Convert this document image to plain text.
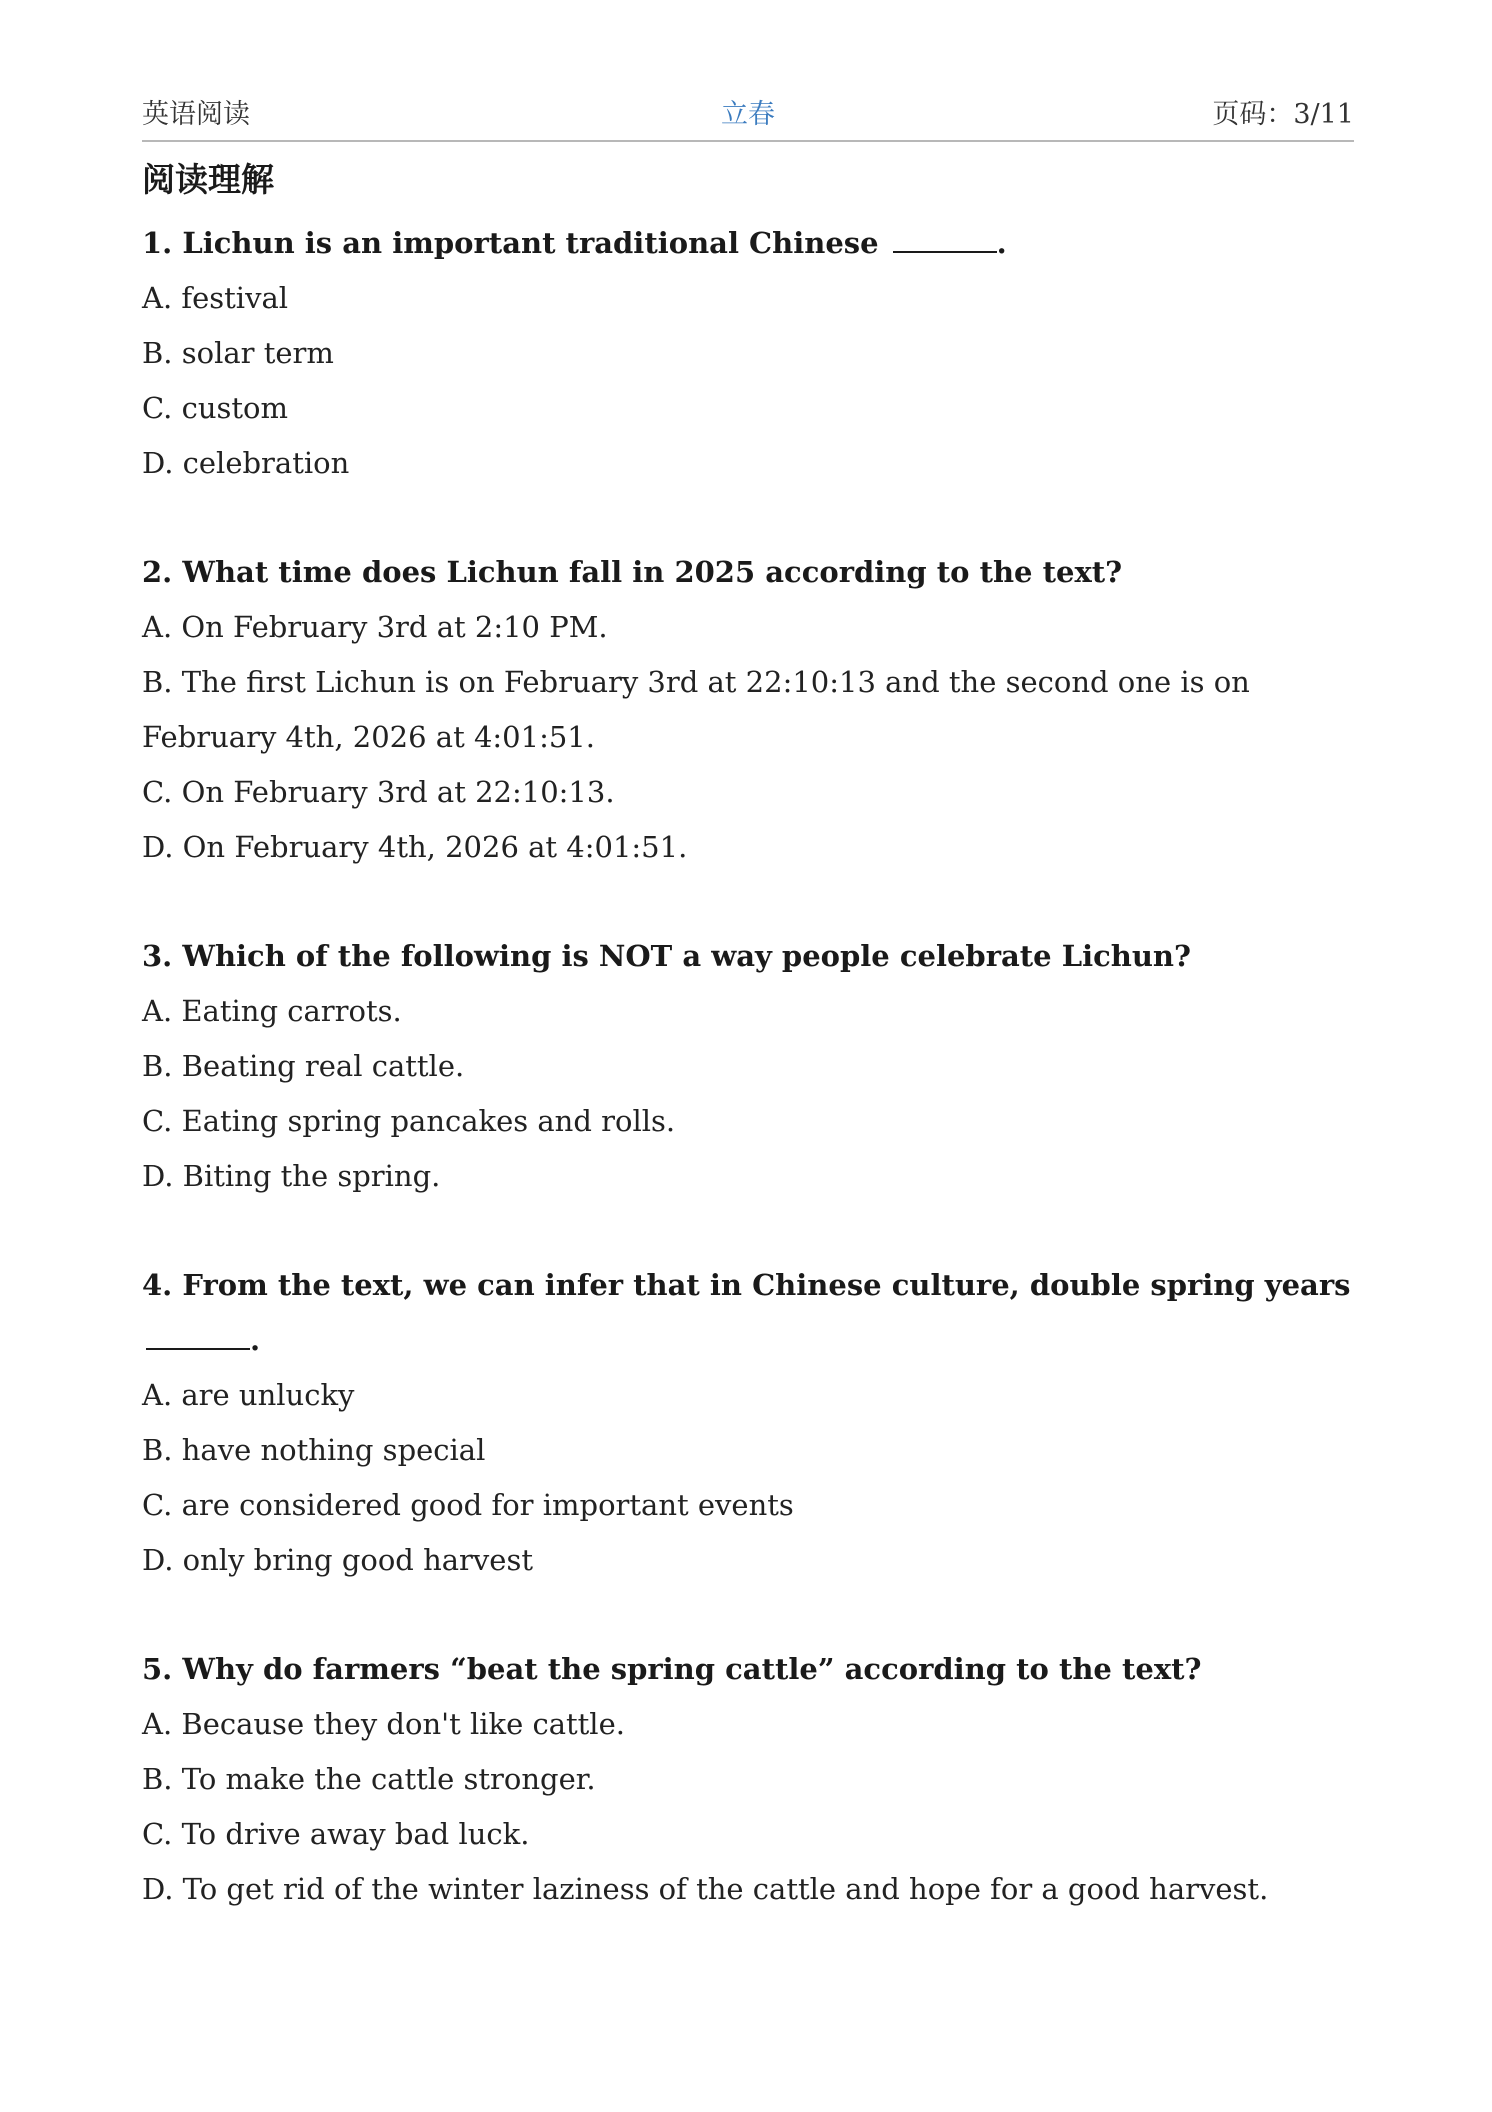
英语阅读	立春	页码：3/11
阅读理解
1. Lichun is an important traditional Chinese	.
A. festival
B. solar term
C. custom
D. celebration
2. What time does Lichun fall in 2025 according to the text?
A. On February 3rd at 2:10 PM.
B. The first Lichun is on February 3rd at 22:10:13 and the second one is on February 4th, 2026 at 4:01:51.
C. On February 3rd at 22:10:13.
D. On February 4th, 2026 at 4:01:51.
3. Which of the following is NOT a way people celebrate Lichun?
A. Eating carrots.
B. Beating real cattle.
C. Eating spring pancakes and rolls.
D. Biting the spring.
4. From the text, we can infer that in Chinese culture, double spring years .
A. are unlucky
B. have nothing special
C. are considered good for important events
D. only bring good harvest
5. Why do farmers “beat the spring cattle” according to the text?
A. Because they don't like cattle.
B. To make the cattle stronger.
C. To drive away bad luck.
D. To get rid of the winter laziness of the cattle and hope for a good harvest.
